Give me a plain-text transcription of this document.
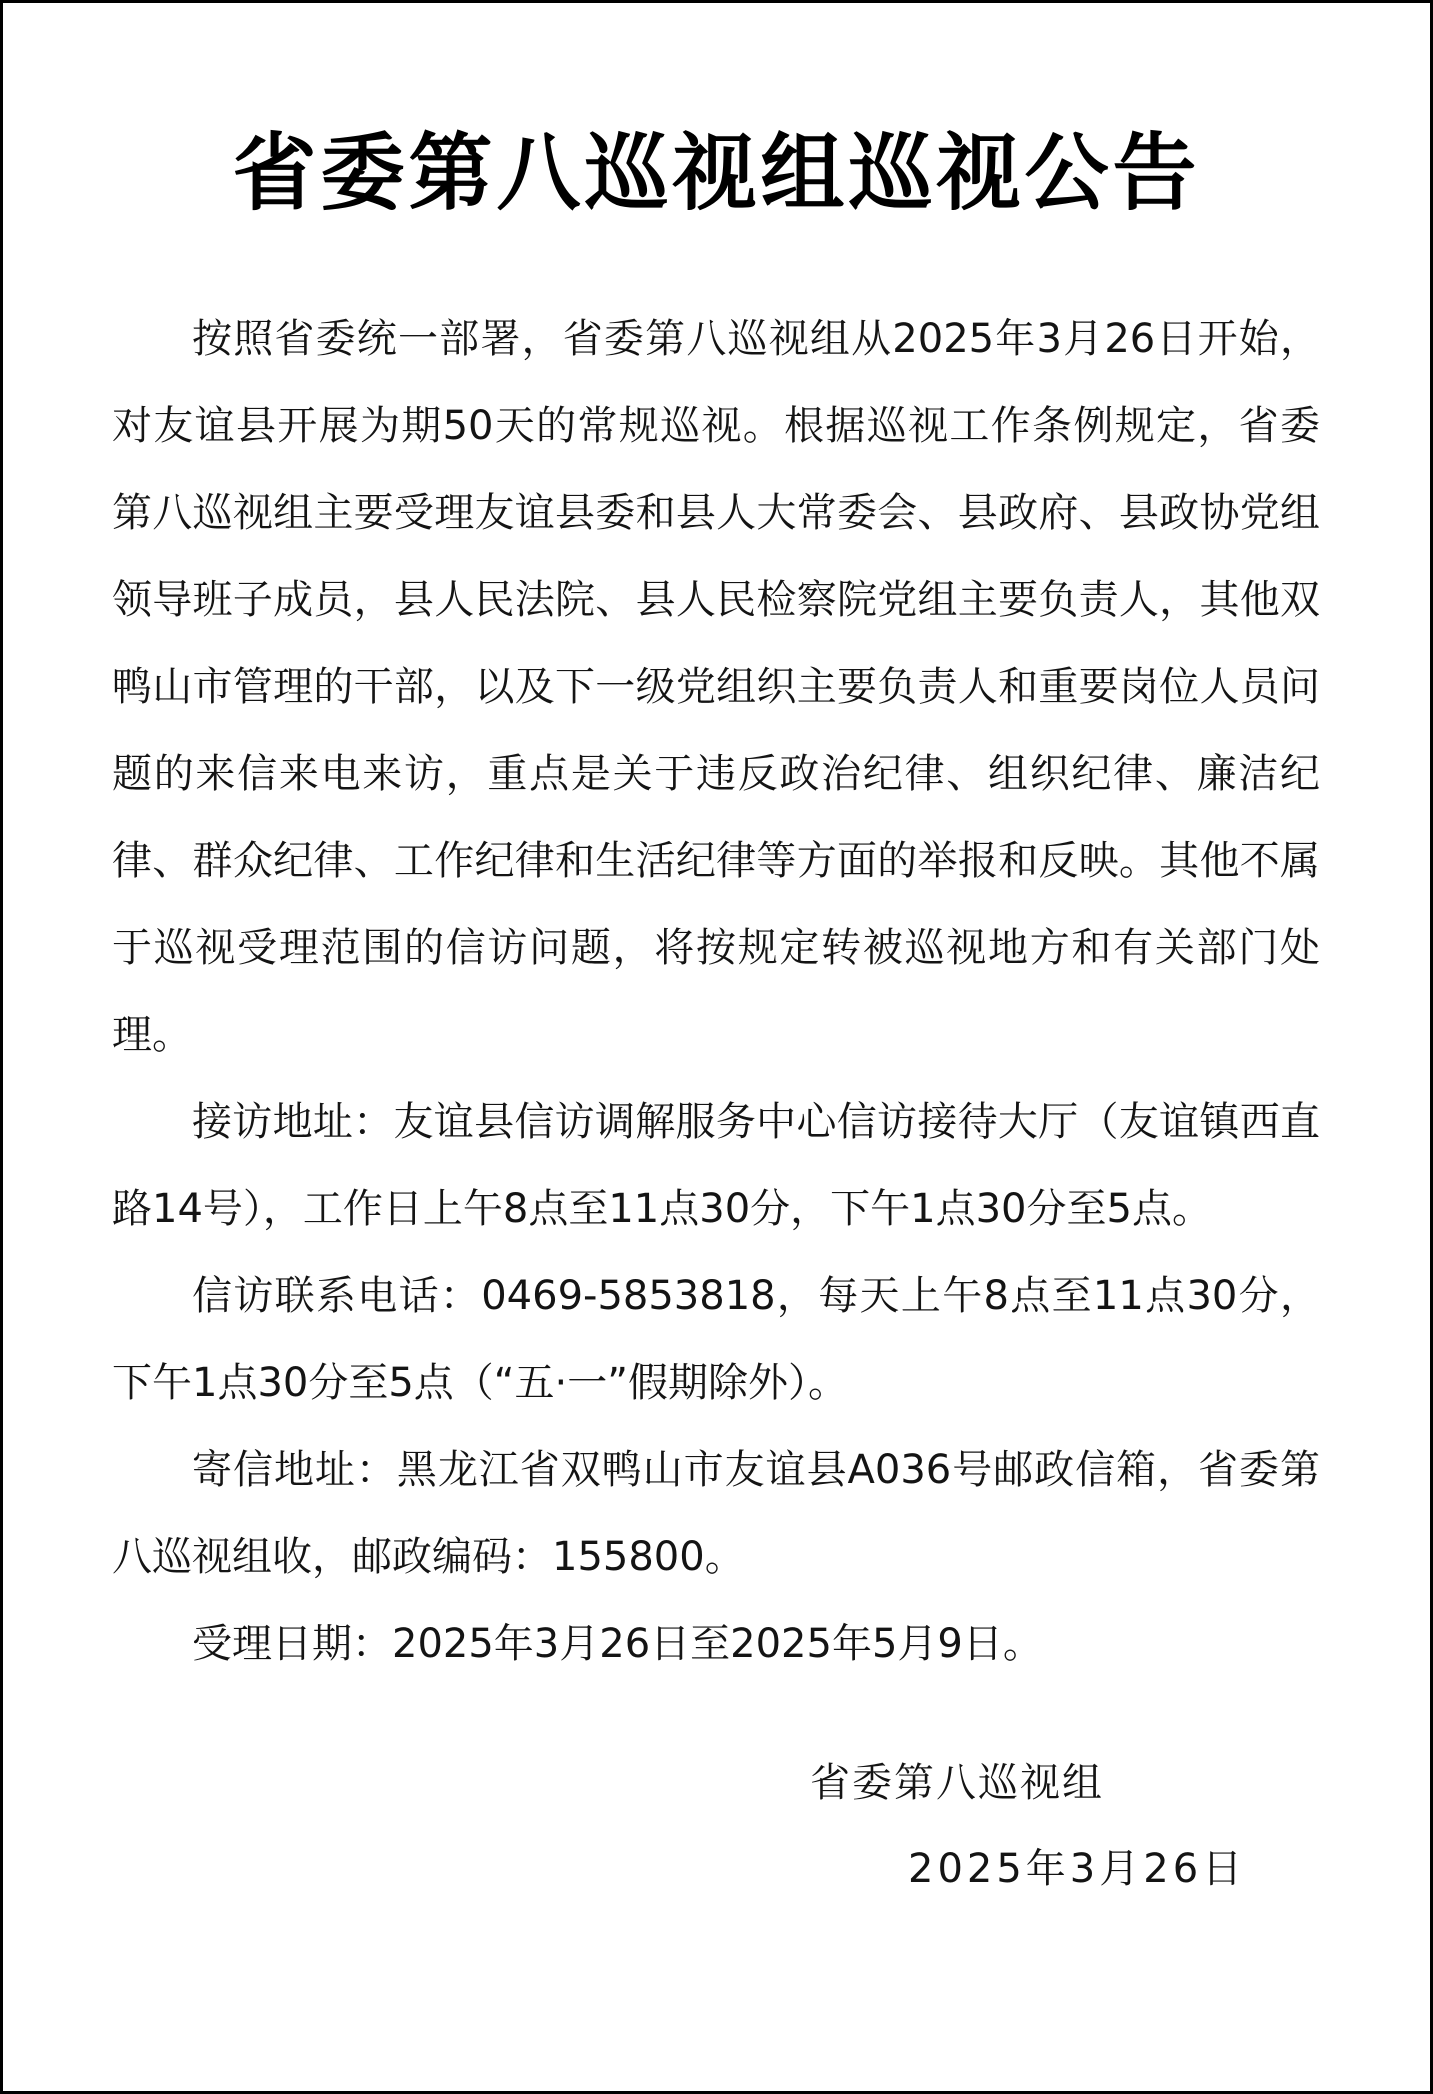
省委第八巡视组巡视公告

按照省委统一部署，省委第八巡视组从2025年3月26日开始，对友谊县开展为期50天的常规巡视。根据巡视工作条例规定，省委第八巡视组主要受理友谊县委和县人大常委会、县政府、县政协党组领导班子成员，县人民法院、县人民检察院党组主要负责人，其他双鸭山市管理的干部，以及下一级党组织主要负责人和重要岗位人员问题的来信来电来访，重点是关于违反政治纪律、组织纪律、廉洁纪律、群众纪律、工作纪律和生活纪律等方面的举报和反映。其他不属于巡视受理范围的信访问题，将按规定转被巡视地方和有关部门处理。

接访地址：友谊县信访调解服务中心信访接待大厅（友谊镇西直路14号），工作日上午8点至11点30分，下午1点30分至5点。

信访联系电话：0469-5853818，每天上午8点至11点30分，下午1点30分至5点（“五·一”假期除外）。

寄信地址：黑龙江省双鸭山市友谊县A036号邮政信箱，省委第八巡视组收，邮政编码：155800。

受理日期：2025年3月26日至2025年5月9日。

省委第八巡视组
2025年3月26日
